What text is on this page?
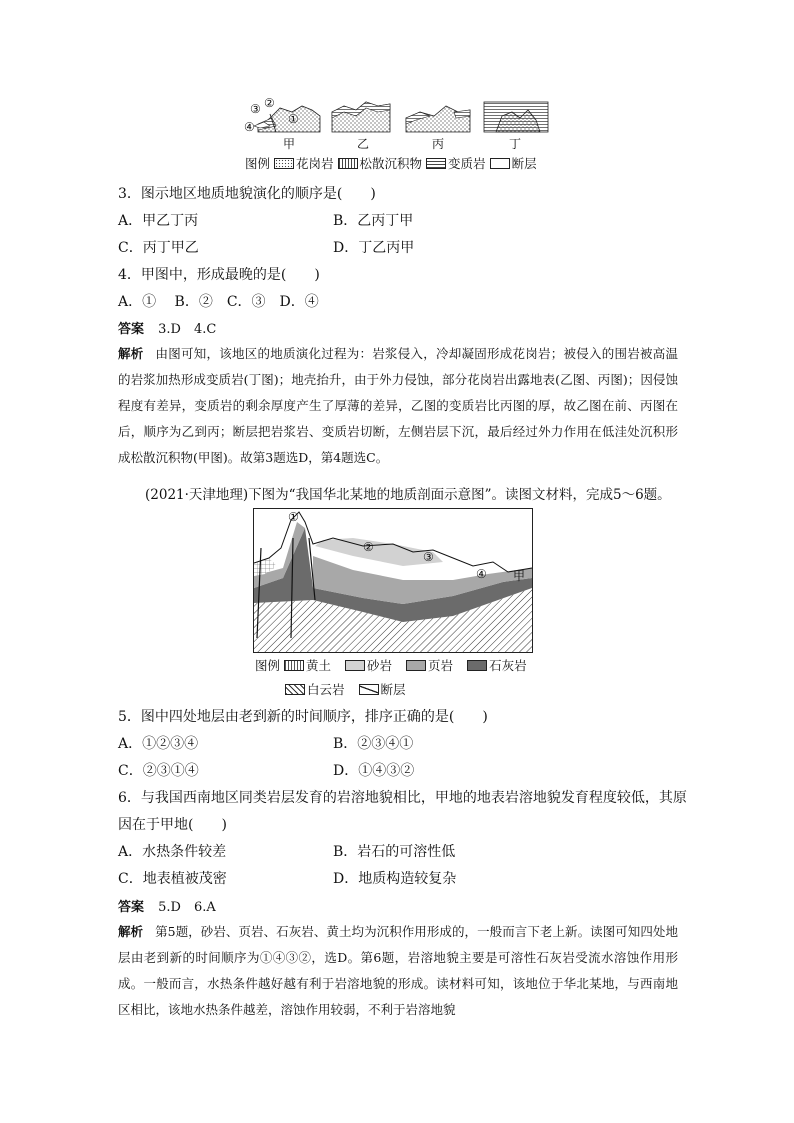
③ ②
①
④
甲	乙	丙	丁
图例 花岗岩 松散沉积物 变质岩 断层
3．图示地区地质地貌演化的顺序是(　　)
A．甲乙丁丙	B．乙丙丁甲
C．丙丁甲乙	D．丁乙丙甲
4．甲图中，形成最晚的是(　　)
A．①　 B．②　C．③　D．④
答案 3.D　4.C
解析 由图可知，该地区的地质演化过程为：岩浆侵入，冷却凝固形成花岗岩；被侵入的围岩被高温的岩浆加热形成变质岩(丁图)；地壳抬升，由于外力侵蚀，部分花岗岩出露地表(乙图、丙图)；因侵蚀程度有差异，变质岩的剩余厚度产生了厚薄的差异，乙图的变质岩比丙图的厚，故乙图在前、丙图在后，顺序为乙到丙；断层把岩浆岩、变质岩切断，左侧岩层下沉，最后经过外力作用在低洼处沉积形成松散沉积物(甲图)。故第3题选D，第4题选C。
(2021·天津地理)下图为“我国华北某地的地质剖面示意图”。读图文材料，完成5～6题。
①
②
③
④ 甲
图例 黄土	砂岩	页岩	石灰岩
白云岩	断层
5．图中四处地层由老到新的时间顺序，排序正确的是(　　)
A．①②③④	B．②③④①
C．②③①④	D．①④③②
6．与我国西南地区同类岩层发育的岩溶地貌相比，甲地的地表岩溶地貌发育程度较低，其原
因在于甲地(　　)
A．水热条件较差	B．岩石的可溶性低
C．地表植被茂密	D．地质构造较复杂
答案 5.D　6.A
解析 第5题，砂岩、页岩、石灰岩、黄土均为沉积作用形成的，一般而言下老上新。读图可知四处地层由老到新的时间顺序为①④③②，选D。第6题，岩溶地貌主要是可溶性石灰岩受流水溶蚀作用形成。一般而言，水热条件越好越有利于岩溶地貌的形成。读材料可知，该地位于华北某地，与西南地区相比，该地水热条件越差，溶蚀作用较弱，不利于岩溶地貌
